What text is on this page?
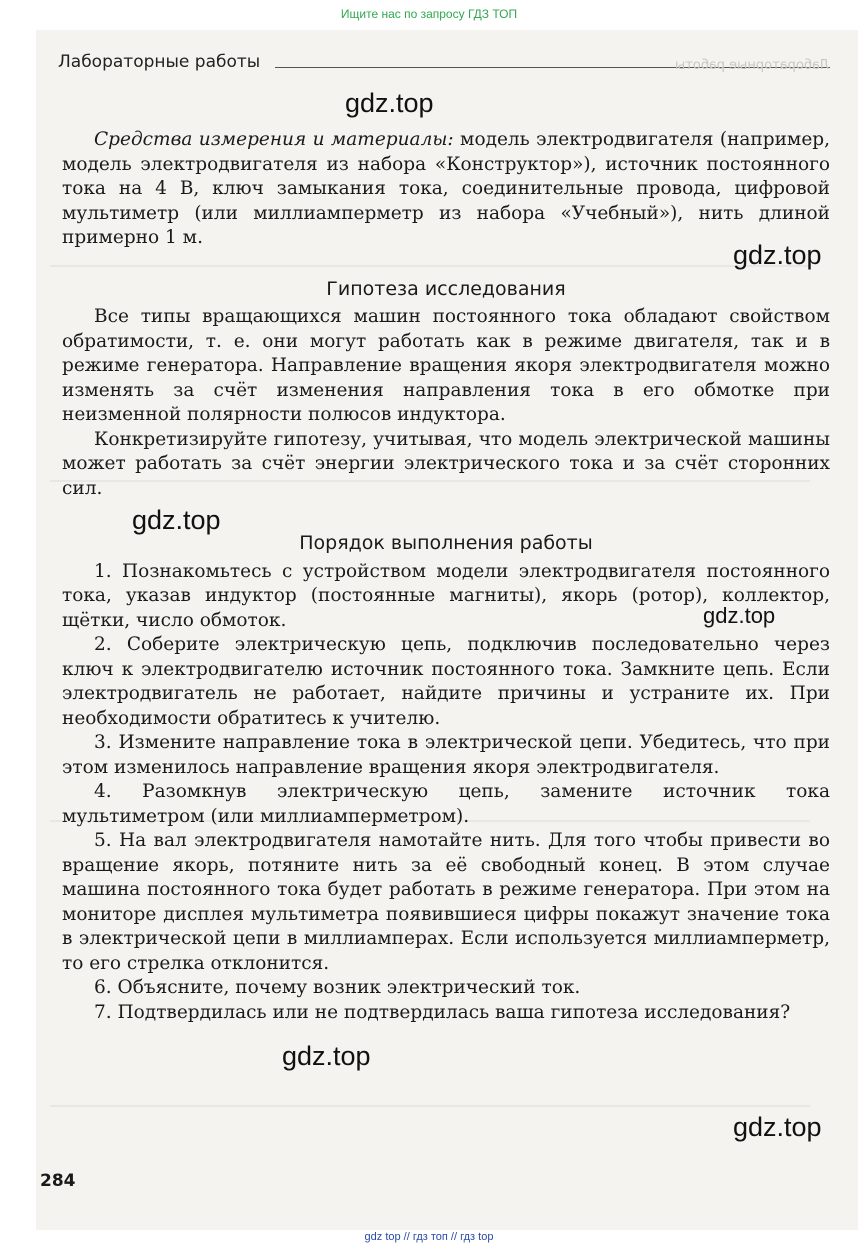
Ищите нас по запросу ГДЗ ТОП
Лабораторные работы	Лабораторные работы

Средства измерения и материалы: модель электродвигателя (например, модель электродвигателя из набора «Конструктор»), источник постоянного тока на 4 В, ключ замыкания тока, соединительные провода, цифровой мультиметр (или миллиамперметр из набора «Учебный»), нить длиной примерно 1 м.

Гипотеза исследования

Все типы вращающихся машин постоянного тока обладают свойством обратимости, т. е. они могут работать как в режиме двигателя, так и в режиме генератора. Направление вращения якоря электродвигателя можно изменять за счёт изменения направления тока в его обмотке при неизменной полярности полюсов индуктора.

Конкретизируйте гипотезу, учитывая, что модель электрической машины может работать за счёт энергии электрического тока и за счёт сторонних сил.

Порядок выполнения работы

1. Познакомьтесь с устройством модели электродвигателя постоянного тока, указав индуктор (постоянные магниты), якорь (ротор), коллектор, щётки, число обмоток.

2. Соберите электрическую цепь, подключив последовательно через ключ к электродвигателю источник постоянного тока. Замкните цепь. Если электродвигатель не работает, найдите причины и устраните их. При необходимости обратитесь к учителю.

3. Измените направление тока в электрической цепи. Убедитесь, что при этом изменилось направление вращения якоря электродвигателя.

4. Разомкнув электрическую цепь, замените источник тока мультиметром (или миллиамперметром).

5. На вал электродвигателя намотайте нить. Для того чтобы привести во вращение якорь, потяните нить за её свободный конец. В этом случае машина постоянного тока будет работать в режиме генератора. При этом на мониторе дисплея мультиметра появившиеся цифры покажут значение тока в электрической цепи в миллиамперах. Если используется миллиамперметр, то его стрелка отклонится.

6. Объясните, почему возник электрический ток.

7. Подтвердилась или не подтвердилась ваша гипотеза исследования?

gdz.top
gdz.top
gdz.top
gdz.top
gdz.top
gdz.top
284
gdz top // гдз топ // гдз top
